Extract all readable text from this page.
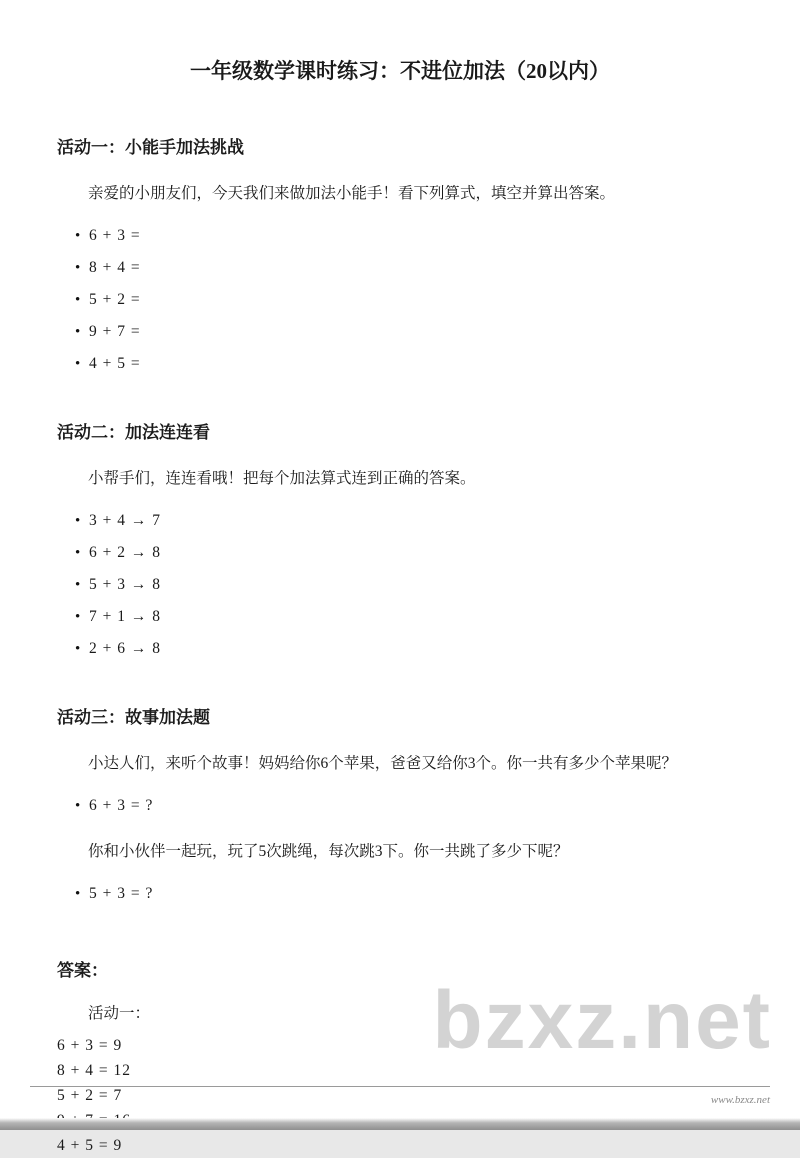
bzxz.net
一年级数学课时练习：不进位加法（20以内）
活动一：小能手加法挑战

亲爱的小朋友们，今天我们来做加法小能手！看下列算式，填空并算出答案。

• 6 + 3 =
• 8 + 4 =
• 5 + 2 =
• 9 + 7 =
• 4 + 5 =
活动二：加法连连看

小帮手们，连连看哦！把每个加法算式连到正确的答案。

• 3 + 4 → 7
• 6 + 2 → 8
• 5 + 3 → 8
• 7 + 1 → 8
• 2 + 6 → 8
活动三：故事加法题

小达人们，来听个故事！妈妈给你6个苹果，爸爸又给你3个。你一共有多少个苹果呢？

• 6 + 3 = ?

你和小伙伴一起玩，玩了5次跳绳，每次跳3下。你一共跳了多少下呢？

• 5 + 3 = ?
答案：

活动一：

6 + 3 = 9
8 + 4 = 12
5 + 2 = 7
4 + 5 = 9
www.bzxz.net
